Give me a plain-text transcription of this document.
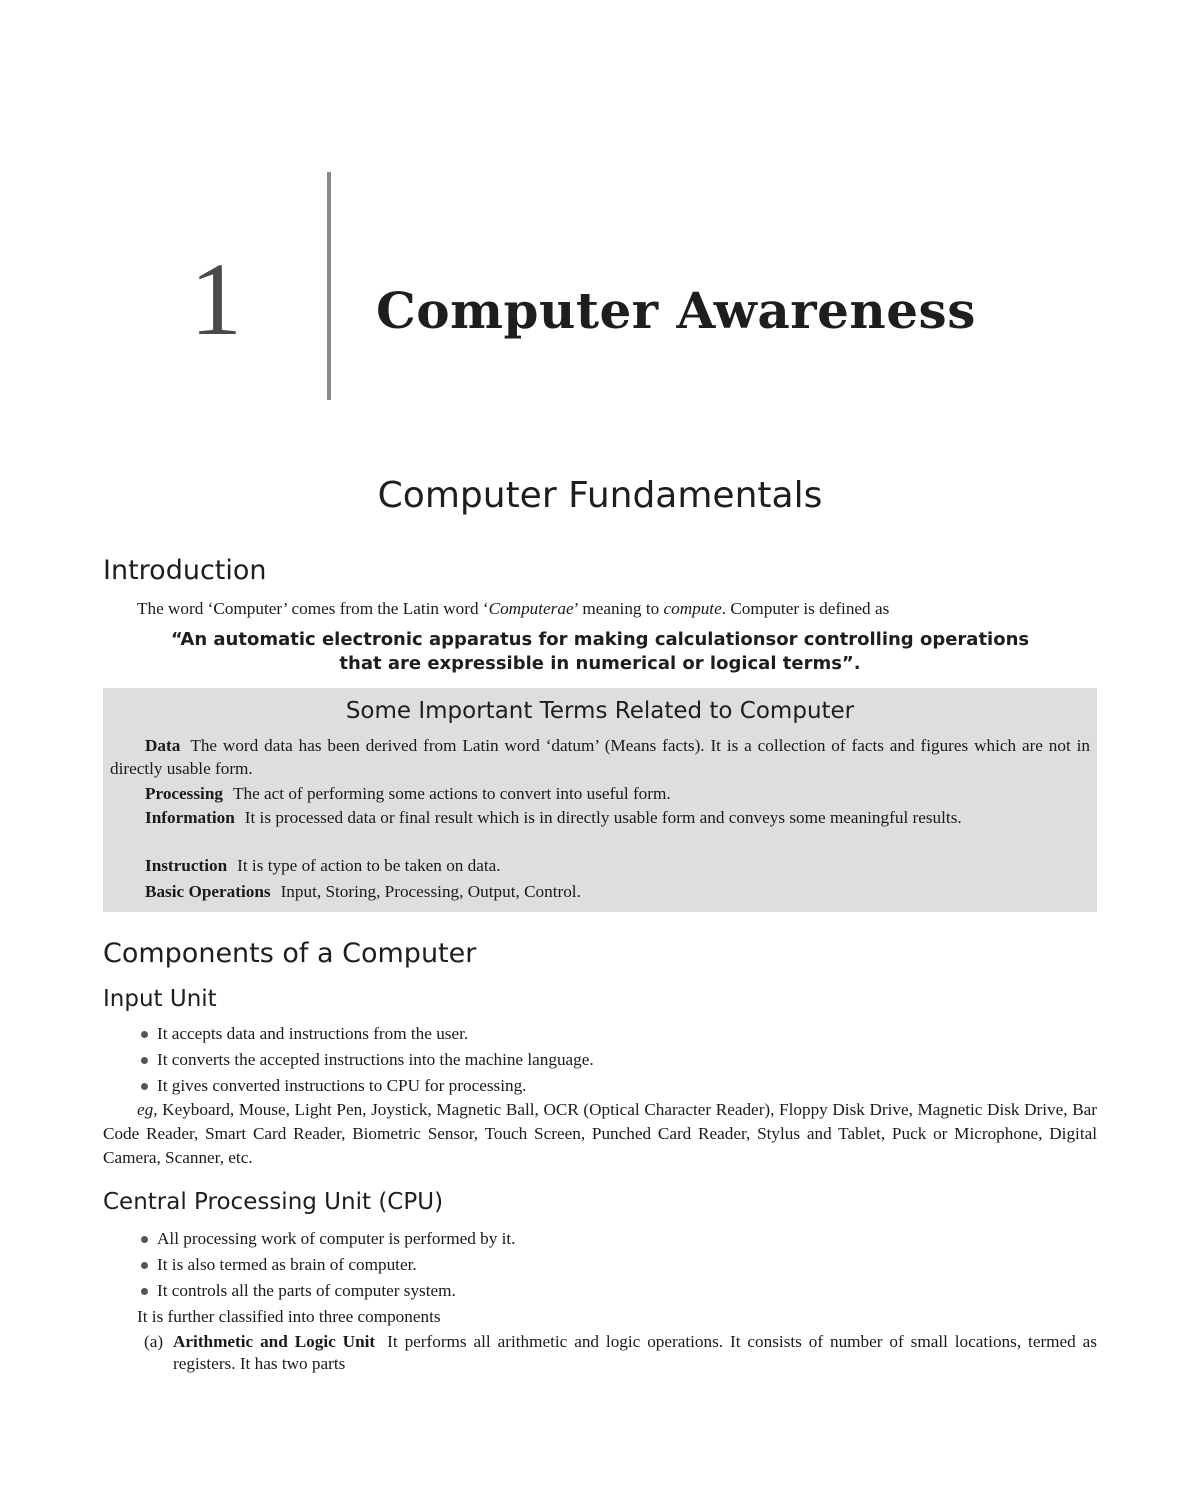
1	Computer Awareness
Computer Fundamentals
Introduction
The word ‘Computer’ comes from the Latin word ‘Computerae’ meaning to compute. Computer is defined as
“An automatic electronic apparatus for making calculationsor controlling operations that are expressible in numerical or logical terms”.
Some Important Terms Related to Computer
Data The word data has been derived from Latin word ‘datum’ (Means facts). It is a collection of facts and figures which are not in directly usable form.
Processing The act of performing some actions to convert into useful form.
Information It is processed data or final result which is in directly usable form and conveys some meaningful results.
Instruction It is type of action to be taken on data.
Basic Operations Input, Storing, Processing, Output, Control.
Components of a Computer
Input Unit
It accepts data and instructions from the user.
It converts the accepted instructions into the machine language.
It gives converted instructions to CPU for processing.
eg, Keyboard, Mouse, Light Pen, Joystick, Magnetic Ball, OCR (Optical Character Reader), Floppy Disk Drive, Magnetic Disk Drive, Bar Code Reader, Smart Card Reader, Biometric Sensor, Touch Screen, Punched Card Reader, Stylus and Tablet, Puck or Microphone, Digital Camera, Scanner, etc.
Central Processing Unit (CPU)
All processing work of computer is performed by it.
It is also termed as brain of computer.
It controls all the parts of computer system.
It is further classified into three components
(a) Arithmetic and Logic Unit It performs all arithmetic and logic operations. It consists of number of small locations, termed as registers. It has two parts
